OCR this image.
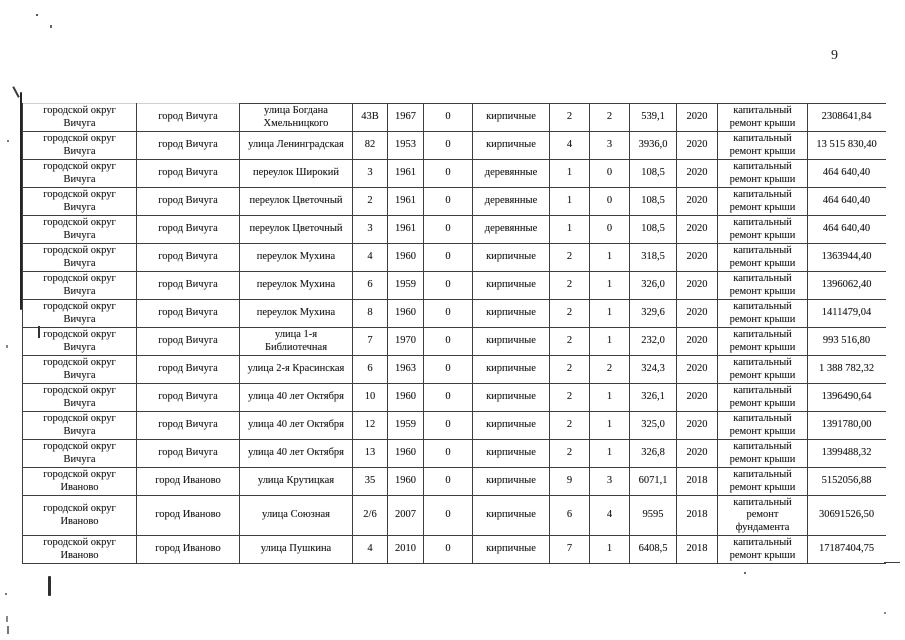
9
городской округ Вичуга	город Вичуга	улица Богдана Хмельницкого	43В	1967	0	кирпичные	2	2	539,1	2020	капитальный ремонт крыши	2308641,84
городской округ Вичуга	город Вичуга	улица Ленинградская	82	1953	0	кирпичные	4	3	3936,0	2020	капитальный ремонт крыши	13 515 830,40
городской округ Вичуга	город Вичуга	переулок Широкий	3	1961	0	деревянные	1	0	108,5	2020	капитальный ремонт крыши	464 640,40
городской округ Вичуга	город Вичуга	переулок Цветочный	2	1961	0	деревянные	1	0	108,5	2020	капитальный ремонт крыши	464 640,40
городской округ Вичуга	город Вичуга	переулок Цветочный	3	1961	0	деревянные	1	0	108,5	2020	капитальный ремонт крыши	464 640,40
городской округ Вичуга	город Вичуга	переулок Мухина	4	1960	0	кирпичные	2	1	318,5	2020	капитальный ремонт крыши	1363944,40
городской округ Вичуга	город Вичуга	переулок Мухина	6	1959	0	кирпичные	2	1	326,0	2020	капитальный ремонт крыши	1396062,40
городской округ Вичуга	город Вичуга	переулок Мухина	8	1960	0	кирпичные	2	1	329,6	2020	капитальный ремонт крыши	1411479,04
городской округ Вичуга	город Вичуга	улица 1-я Библиотечная	7	1970	0	кирпичные	2	1	232,0	2020	капитальный ремонт крыши	993 516,80
городской округ Вичуга	город Вичуга	улица 2-я Красинская	6	1963	0	кирпичные	2	2	324,3	2020	капитальный ремонт крыши	1 388 782,32
городской округ Вичуга	город Вичуга	улица 40 лет Октября	10	1960	0	кирпичные	2	1	326,1	2020	капитальный ремонт крыши	1396490,64
городской округ Вичуга	город Вичуга	улица 40 лет Октября	12	1959	0	кирпичные	2	1	325,0	2020	капитальный ремонт крыши	1391780,00
городской округ Вичуга	город Вичуга	улица 40 лет Октября	13	1960	0	кирпичные	2	1	326,8	2020	капитальный ремонт крыши	1399488,32
городской округ Иваново	город Иваново	улица Крутицкая	35	1960	0	кирпичные	9	3	6071,1	2018	капитальный ремонт крыши	5152056,88
городской округ Иваново	город Иваново	улица Союзная	2/6	2007	0	кирпичные	6	4	9595	2018	капитальный ремонт фундамента	30691526,50
городской округ Иваново	город Иваново	улица Пушкина	4	2010	0	кирпичные	7	1	6408,5	2018	капитальный ремонт крыши	17187404,75
